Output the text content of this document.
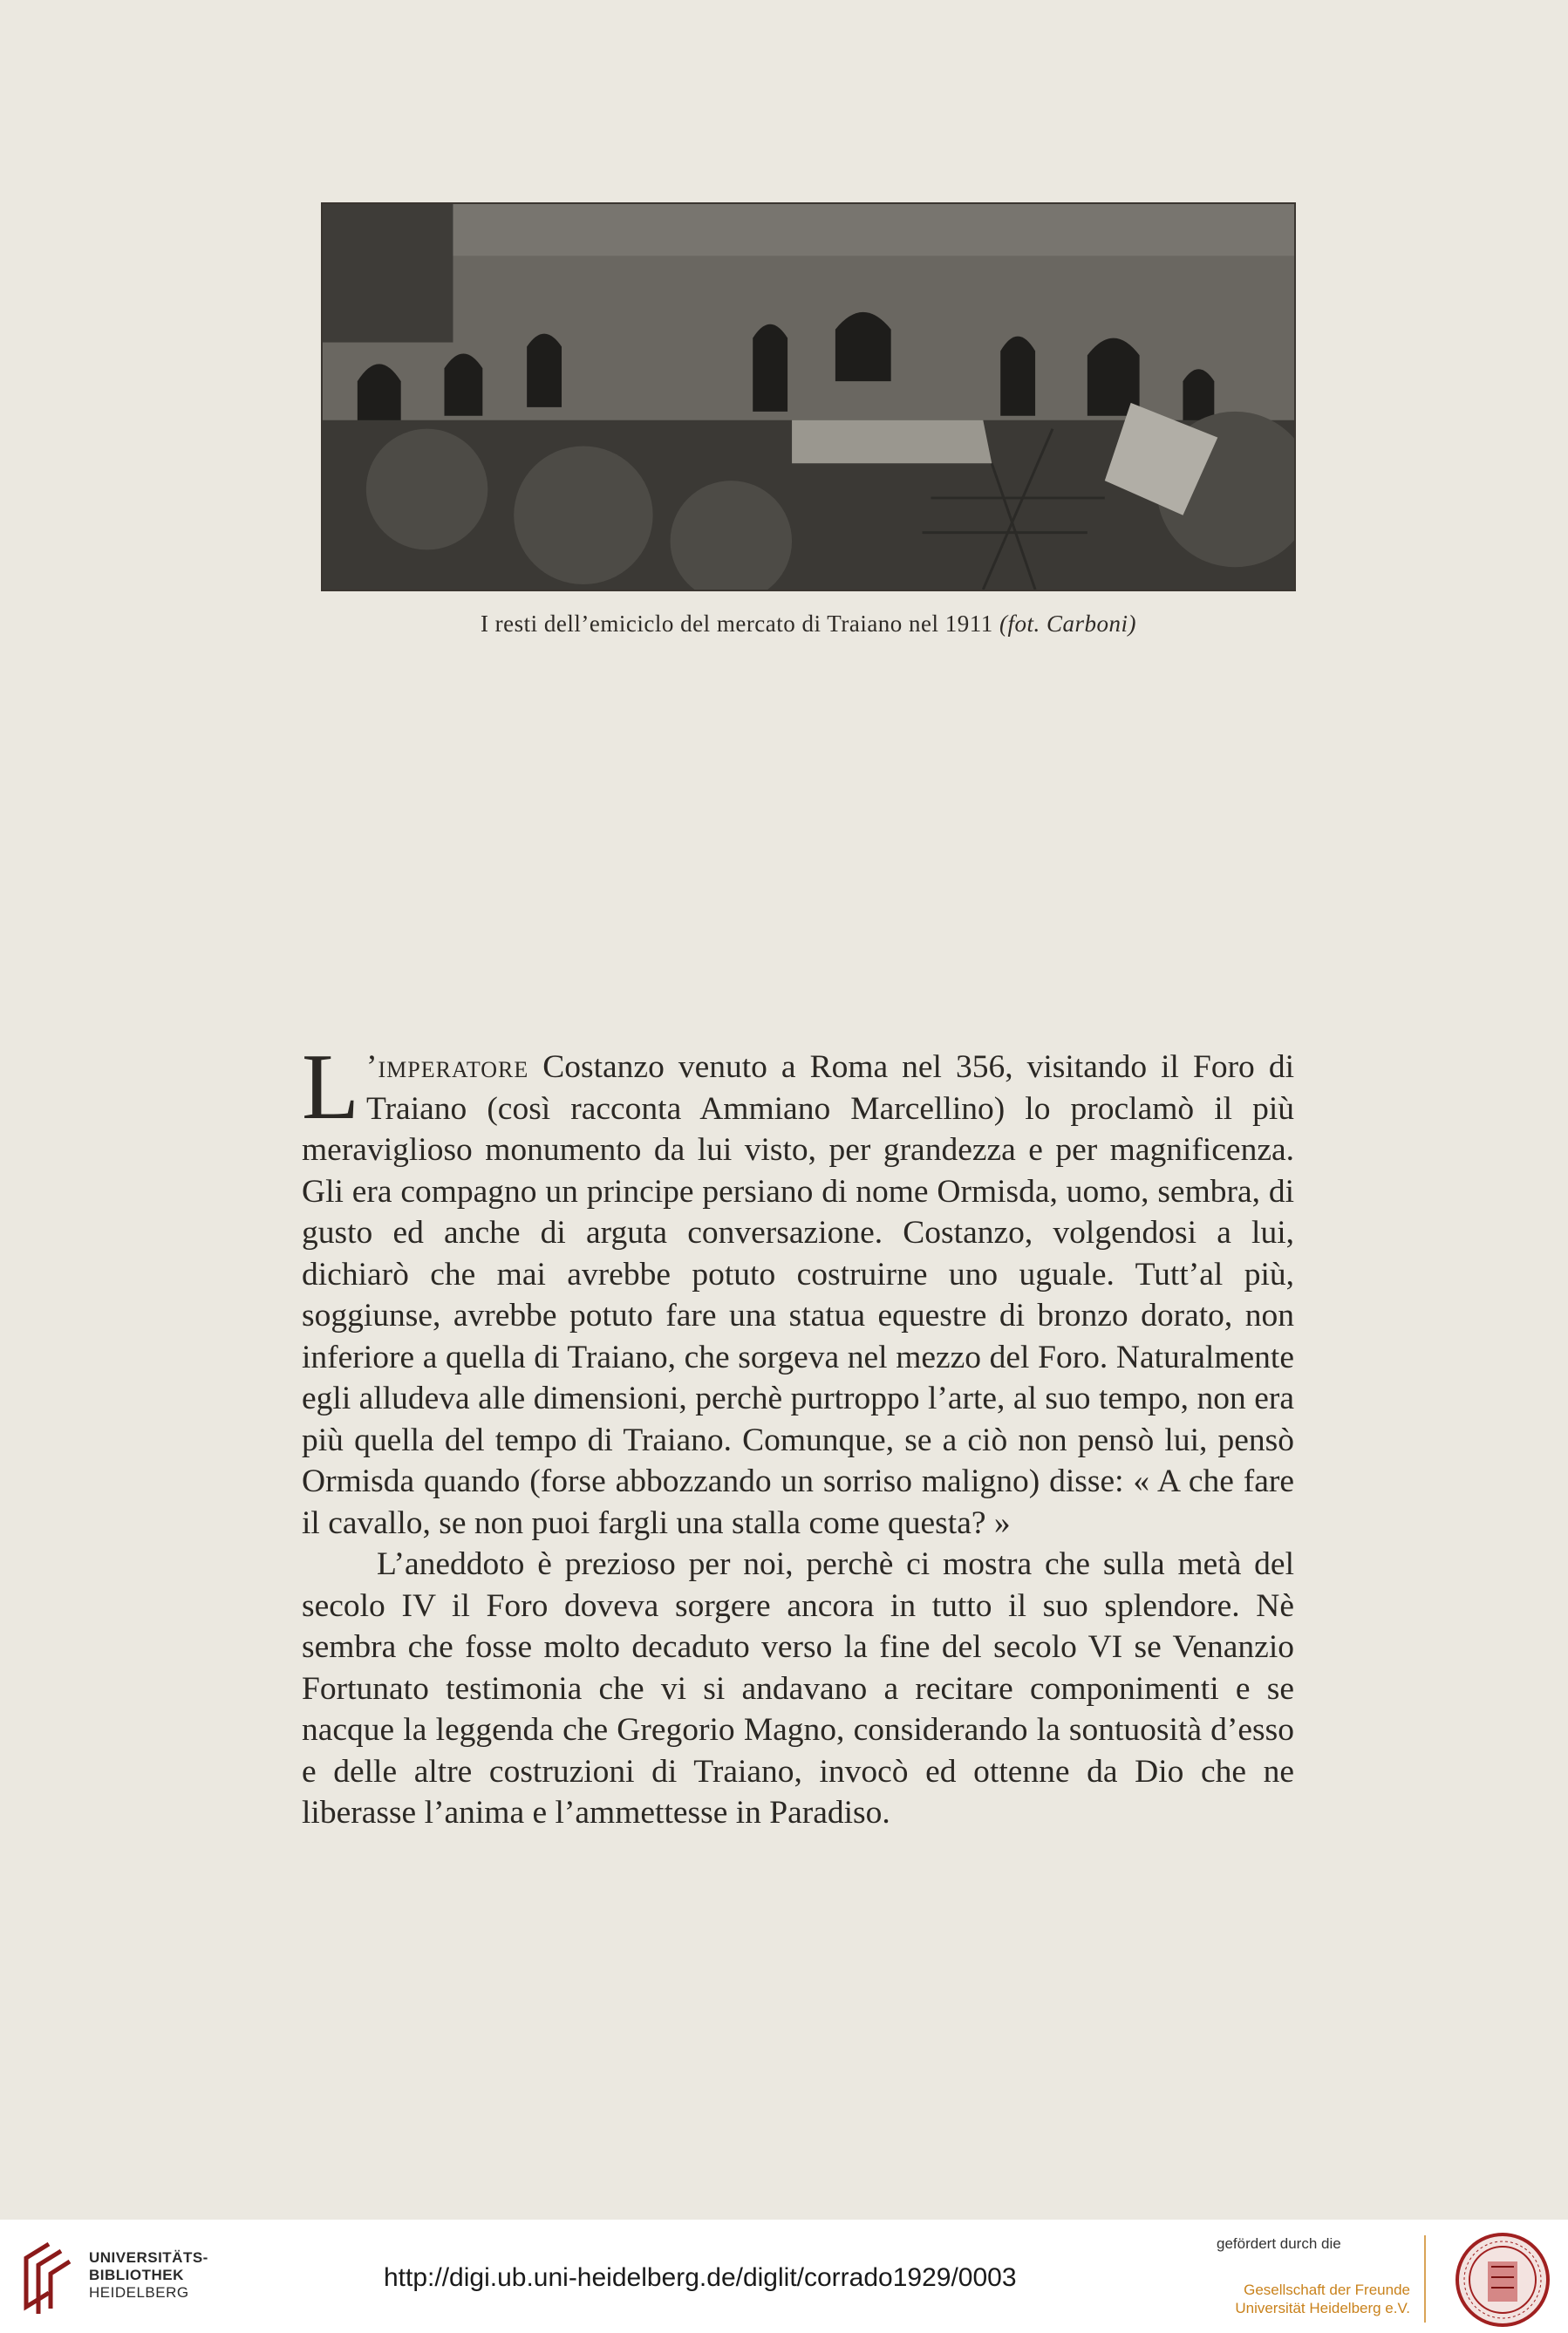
I resti dell’emiciclo del mercato di Traiano nel 1911 (fot. Carboni)

L ’imperatore Costanzo venuto a Roma nel 356, visitando il Foro di Traiano (così racconta Ammiano Marcellino) lo proclamò il più meraviglioso monumento da lui visto, per grandezza e per magnificenza. Gli era compagno un principe persiano di nome Ormisda, uomo, sembra, di gusto ed anche di arguta conversazione. Costanzo, volgendosi a lui, dichiarò che mai avrebbe potuto costruirne uno uguale. Tutt’al più, soggiunse, avrebbe potuto fare una statua equestre di bronzo dorato, non inferiore a quella di Traiano, che sorgeva nel mezzo del Foro. Naturalmente egli alludeva alle dimensioni, perchè purtroppo l’arte, al suo tempo, non era più quella del tempo di Traiano. Comunque, se a ciò non pensò lui, pensò Ormisda quando (forse abbozzando un sorriso maligno) disse: « A che fare il cavallo, se non puoi fargli una stalla come questa? »

L’aneddoto è prezioso per noi, perchè ci mostra che sulla metà del secolo IV il Foro doveva sorgere ancora in tutto il suo splendore. Nè sembra che fosse molto decaduto verso la fine del secolo VI se Venanzio Fortunato testimonia che vi si andavano a recitare componimenti e se nacque la leggenda che Gregorio Magno, considerando la sontuosità d’esso e delle altre costruzioni di Traiano, invocò ed ottenne da Dio che ne liberasse l’anima e l’ammettesse in Paradiso.

UNIVERSITÄTS-
BIBLIOTHEK
HEIDELBERG
http://digi.ub.uni-heidelberg.de/diglit/corrado1929/0003
gefördert durch die
Gesellschaft der Freunde
Universität Heidelberg e.V.
